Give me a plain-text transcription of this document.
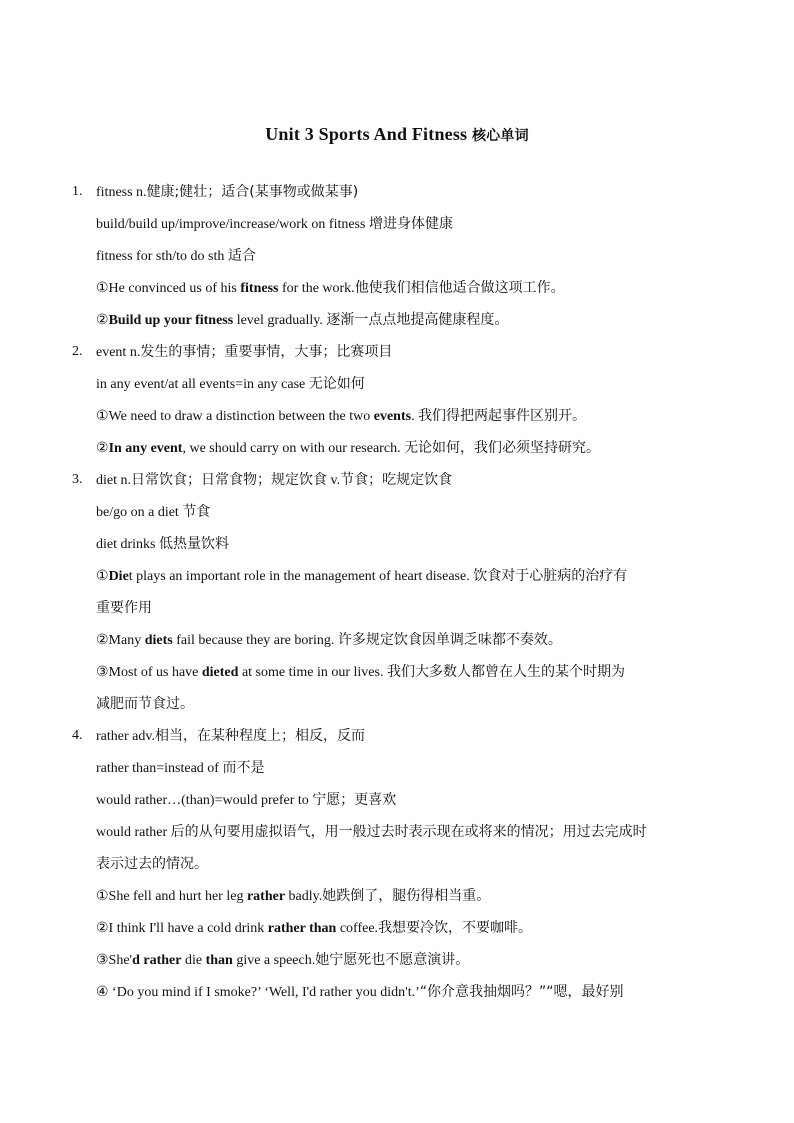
Unit 3 Sports And Fitness 核心单词
1. fitness n.健康;健壮；适合(某事物或做某事)
build/build up/improve/increase/work on fitness 增进身体健康
fitness for sth/to do sth 适合
①He convinced us of his fitness for the work.他使我们相信他适合做这项工作。
②Build up your fitness level gradually. 逐渐一点点地提高健康程度。
2. event n.发生的事情；重要事情，大事；比赛项目
in any event/at all events=in any case 无论如何
①We need to draw a distinction between the two events. 我们得把两起事件区别开。
②In any event, we should carry on with our research. 无论如何，我们必须坚持研究。
3. diet n.日常饮食；日常食物；规定饮食 v.节食；吃规定饮食
be/go on a diet 节食
diet drinks 低热量饮料
①Diet plays an important role in the management of heart disease. 饮食对于心脏病的治疗有
重要作用
②Many diets fail because they are boring. 许多规定饮食因单调乏味都不奏效。
③Most of us have dieted at some time in our lives. 我们大多数人都曾在人生的某个时期为
减肥而节食过。
4. rather adv.相当，在某种程度上；相反，反而
rather than=instead of 而不是
would rather…(than)=would prefer to 宁愿；更喜欢
would rather 后的从句要用虚拟语气，用一般过去时表示现在或将来的情况；用过去完成时
表示过去的情况。
①She fell and hurt her leg rather badly.她跌倒了，腿伤得相当重。
②I think I'll have a cold drink rather than coffee.我想要冷饮，不要咖啡。
③She'd rather die than give a speech.她宁愿死也不愿意演讲。
④ ‘Do you mind if I smoke?’ ‘Well, I'd rather you didn't.’“你介意我抽烟吗？”“嗯，最好别
